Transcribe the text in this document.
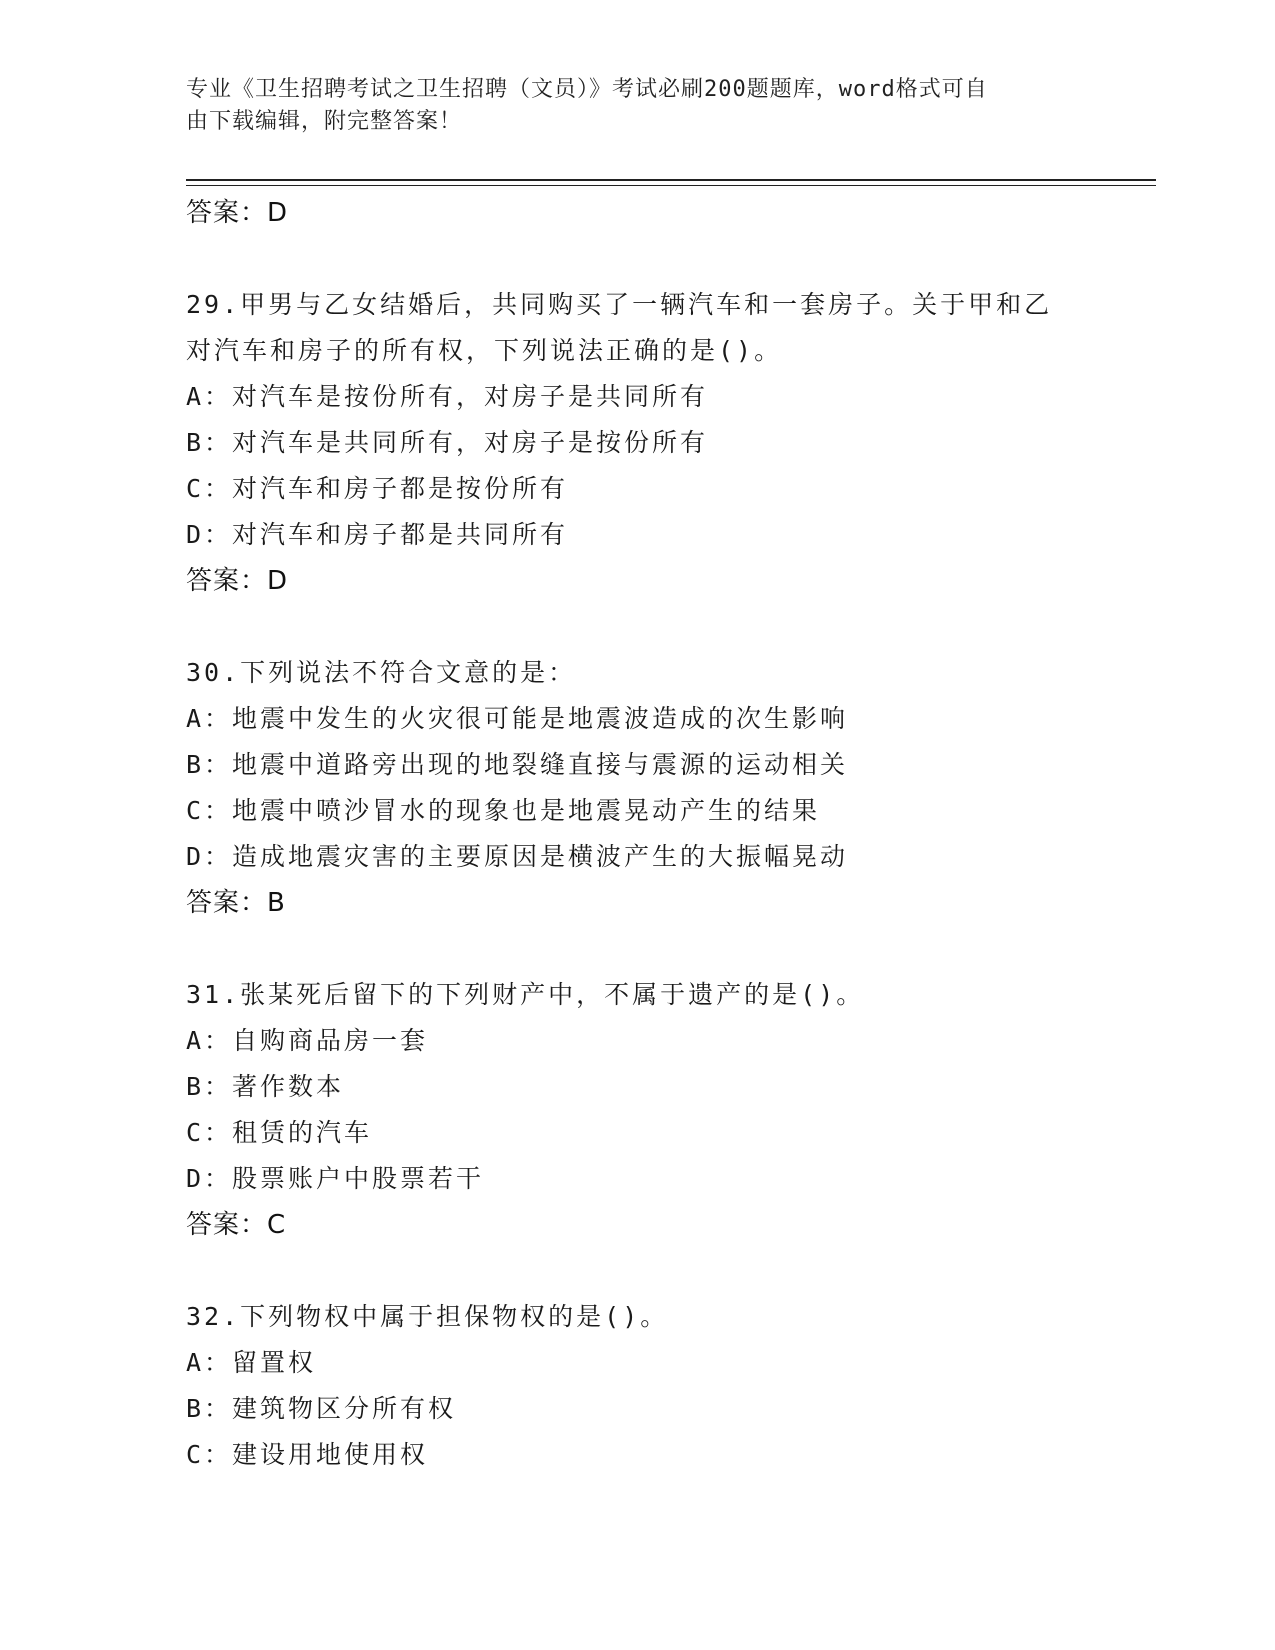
专业《卫生招聘考试之卫生招聘（文员）》考试必刷200题题库，word格式可自
由下载编辑，附完整答案！
答案：D
29.甲男与乙女结婚后，共同购买了一辆汽车和一套房子。关于甲和乙
对汽车和房子的所有权，下列说法正确的是()。
A：对汽车是按份所有，对房子是共同所有
B：对汽车是共同所有，对房子是按份所有
C：对汽车和房子都是按份所有
D：对汽车和房子都是共同所有
答案：D
30.下列说法不符合文意的是：
A：地震中发生的火灾很可能是地震波造成的次生影响
B：地震中道路旁出现的地裂缝直接与震源的运动相关
C：地震中喷沙冒水的现象也是地震晃动产生的结果
D：造成地震灾害的主要原因是横波产生的大振幅晃动
答案：B
31.张某死后留下的下列财产中，不属于遗产的是()。
A：自购商品房一套
B：著作数本
C：租赁的汽车
D：股票账户中股票若干
答案：C
32.下列物权中属于担保物权的是()。
A：留置权
B：建筑物区分所有权
C：建设用地使用权
